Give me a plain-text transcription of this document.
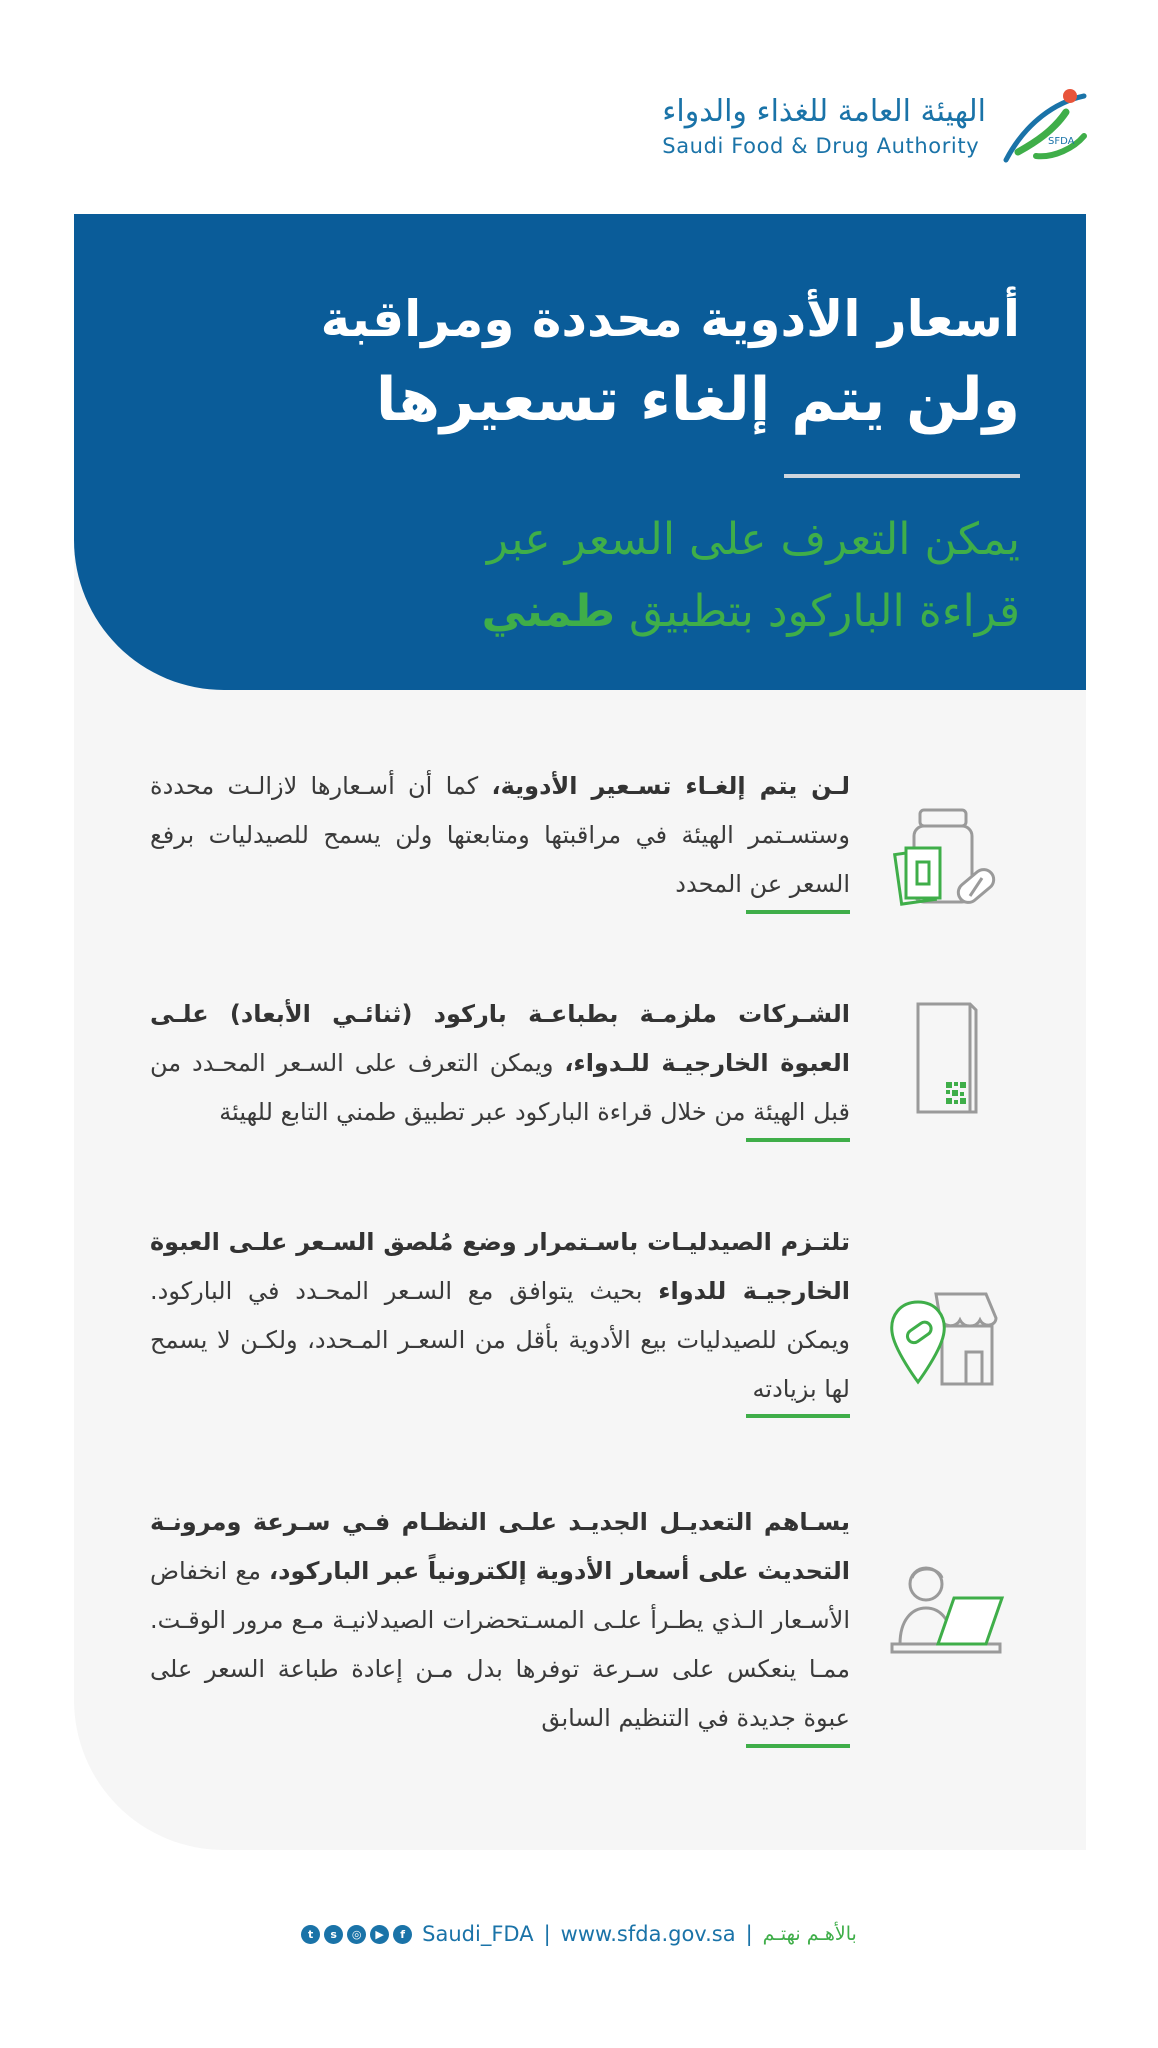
الهيئة العامة للغذاء والدواء
Saudi Food & Drug Authority	SFDA
أسعار الأدوية محددة ومراقبة
ولن يتم إلغاء تسعيرها
يمكن التعرف على السعر عبر
قراءة الباركود بتطبيق طمني
لـن يتم إلغـاء تسـعير الأدوية، كما أن أسـعارها لازالـت محددة وستسـتمر الهيئة في مراقبتها ومتابعتها ولن يسمح للصيدليات برفع السعر عن المحدد
الشـركات ملزمـة بطباعـة باركود (ثنائـي الأبعاد) علـى العبوة الخارجيـة للـدواء، ويمكن التعرف على السـعر المحـدد من قبل الهيئة من خلال قراءة الباركود عبر تطبيق طمني التابع للهيئة
تلتـزم الصيدليـات باسـتمرار وضع مُلصق السـعر علـى العبوة الخارجيـة للدواء بحيث يتوافق مع السـعر المحـدد في الباركود. ويمكن للصيدليات بيع الأدوية بأقل من السعـر المـحدد، ولكـن لا يسمح لها بزيادته
يسـاهم التعديـل الجديـد علـى النظـام فـي سـرعة ومرونـة التحديث على أسعار الأدوية إلكترونياً عبر الباركود، مع انخفاض الأسـعار الـذي يطـرأ علـى المسـتحضرات الصيدلانيـة مـع مرور الوقـت. ممـا ينعكس على سـرعة توفرها بدل مـن إعادة طباعة السعر على عبوة جديدة في التنظيم السابق
t	s	◎	▶	f Saudi_FDA | www.sfda.gov.sa | بالأهـم نهتـم
